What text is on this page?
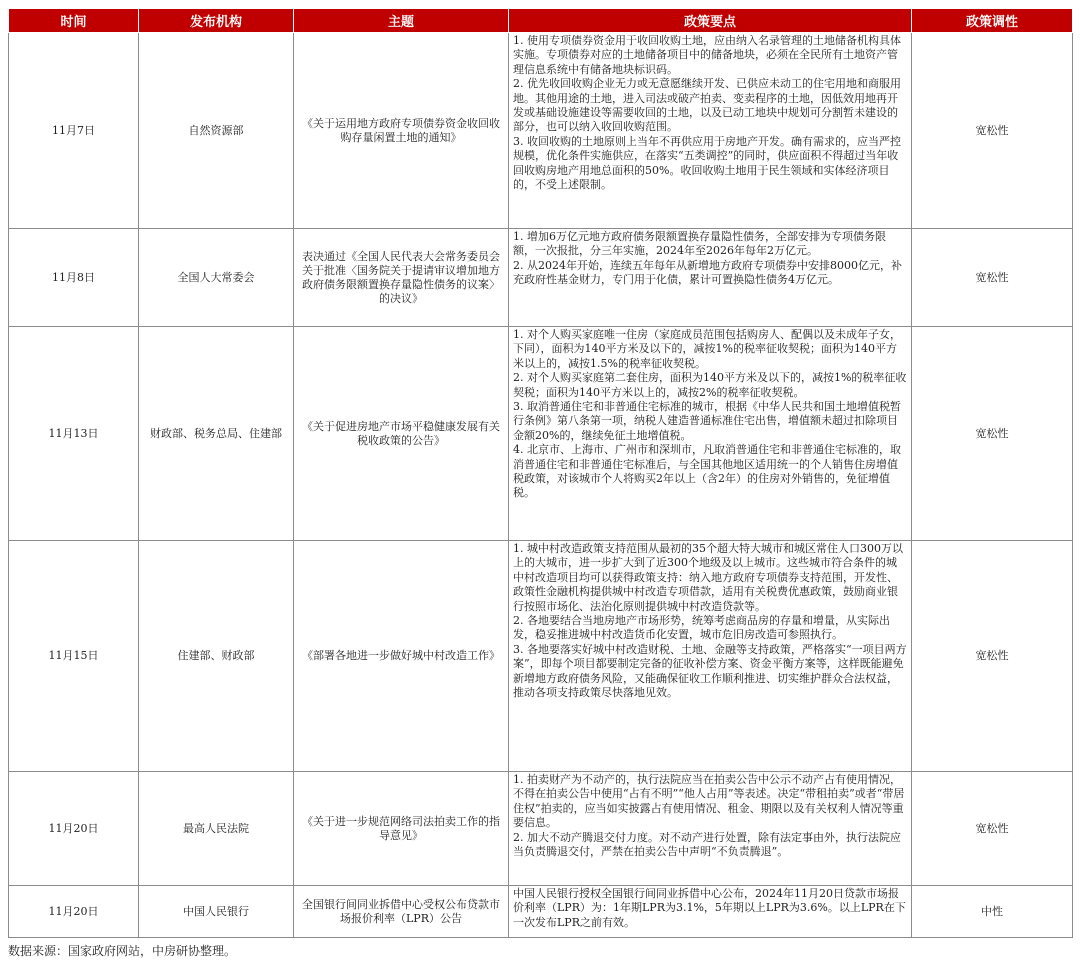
时间	发布机构	主题	政策要点	政策调性
11月7日	自然资源部	《关于运用地方政府专项债券资金收回收购存量闲置土地的通知》	1. 使用专项债券资金用于收回收购土地，应由纳入名录管理的土地储备机构具体实施。专项债券对应的土地储备项目中的储备地块，必须在全民所有土地资产管理信息系统中有储备地块标识码。
2. 优先收回收购企业无力或无意愿继续开发、已供应未动工的住宅用地和商服用地。其他用途的土地，进入司法或破产拍卖、变卖程序的土地，因低效用地再开发或基础设施建设等需要收回的土地，以及已动工地块中规划可分割暂未建设的部分，也可以纳入收回收购范围。
3. 收回收购的土地原则上当年不再供应用于房地产开发。确有需求的，应当严控规模，优化条件实施供应，在落实“五类调控”的同时，供应面积不得超过当年收回收购房地产用地总面积的50%。收回收购土地用于民生领域和实体经济项目的，不受上述限制。	宽松性
11月8日	全国人大常委会	表决通过《全国人民代表大会常务委员会关于批准〈国务院关于提请审议增加地方政府债务限额置换存量隐性债务的议案〉的决议》	1. 增加6万亿元地方政府债务限额置换存量隐性债务，全部安排为专项债务限额，一次报批，分三年实施，2024年至2026年每年2万亿元。
2. 从2024年开始，连续五年每年从新增地方政府专项债券中安排8000亿元，补充政府性基金财力，专门用于化债，累计可置换隐性债务4万亿元。	宽松性
11月13日	财政部、税务总局、住建部	《关于促进房地产市场平稳健康发展有关税收政策的公告》	1. 对个人购买家庭唯一住房（家庭成员范围包括购房人、配偶以及未成年子女，下同），面积为140平方米及以下的，减按1%的税率征收契税；面积为140平方米以上的，减按1.5%的税率征收契税。
2. 对个人购买家庭第二套住房，面积为140平方米及以下的，减按1%的税率征收契税；面积为140平方米以上的，减按2%的税率征收契税。
3. 取消普通住宅和非普通住宅标准的城市，根据《中华人民共和国土地增值税暂行条例》第八条第一项，纳税人建造普通标准住宅出售，增值额未超过扣除项目金额20%的，继续免征土地增值税。
4. 北京市、上海市、广州市和深圳市，凡取消普通住宅和非普通住宅标准的，取消普通住宅和非普通住宅标准后，与全国其他地区适用统一的个人销售住房增值税政策，对该城市个人将购买2年以上（含2年）的住房对外销售的，免征增值税。	宽松性
11月15日	住建部、财政部	《部署各地进一步做好城中村改造工作》	1. 城中村改造政策支持范围从最初的35个超大特大城市和城区常住人口300万以上的大城市，进一步扩大到了近300个地级及以上城市。这些城市符合条件的城中村改造项目均可以获得政策支持：纳入地方政府专项债券支持范围，开发性、政策性金融机构提供城中村改造专项借款，适用有关税费优惠政策，鼓励商业银行按照市场化、法治化原则提供城中村改造贷款等。
2. 各地要结合当地房地产市场形势，统筹考虑商品房的存量和增量，从实际出发，稳妥推进城中村改造货币化安置，城市危旧房改造可参照执行。
3. 各地要落实好城中村改造财税、土地、金融等支持政策，严格落实“一项目两方案”，即每个项目都要制定完备的征收补偿方案、资金平衡方案等，这样既能避免新增地方政府债务风险，又能确保征收工作顺利推进、切实维护群众合法权益，推动各项支持政策尽快落地见效。	宽松性
11月20日	最高人民法院	《关于进一步规范网络司法拍卖工作的指导意见》	1. 拍卖财产为不动产的，执行法院应当在拍卖公告中公示不动产占有使用情况，不得在拍卖公告中使用“占有不明”“他人占用”等表述。决定“带租拍卖”或者“带居住权”拍卖的，应当如实披露占有使用情况、租金、期限以及有关权利人情况等重要信息。
2. 加大不动产腾退交付力度。对不动产进行处置，除有法定事由外，执行法院应当负责腾退交付，严禁在拍卖公告中声明“不负责腾退”。	宽松性
11月20日	中国人民银行	全国银行间同业拆借中心受权公布贷款市场报价利率（LPR）公告	中国人民银行授权全国银行间同业拆借中心公布，2024年11月20日贷款市场报价利率（LPR）为：1年期LPR为3.1%，5年期以上LPR为3.6%。以上LPR在下一次发布LPR之前有效。	中性
数据来源：国家政府网站，中房研协整理。
